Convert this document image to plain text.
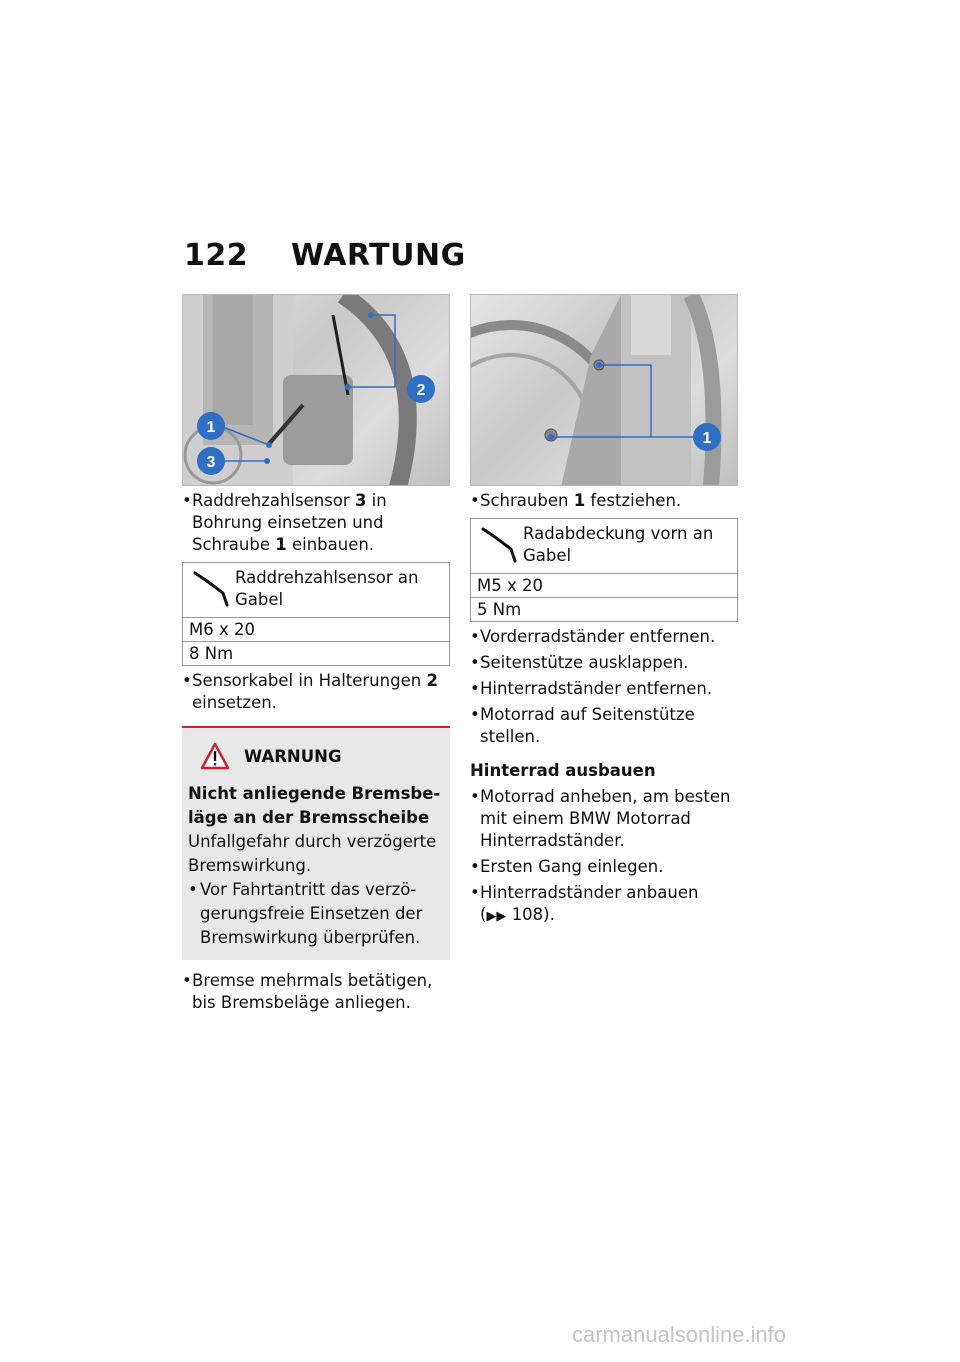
122 WARTUNG
1
2
3
• Raddrehzahlsensor 3 in Bohrung einsetzen und Schraube 1 einbauen.
Raddrehzahlsensor an Gabel
M6 x 20
8 Nm
• Sensorkabel in Halterungen 2 einsetzen.
WARNUNG
Nicht anliegende Bremsbeläge an der Bremsscheibe
Unfallgefahr durch verzögerte Bremswirkung.
• Vor Fahrtantritt das verzögerungsfreie Einsetzen der Bremswirkung überprüfen.
• Bremse mehrmals betätigen, bis Bremsbeläge anliegen.
1
• Schrauben 1 festziehen.
Radabdeckung vorn an Gabel
M5 x 20
5 Nm
• Vorderradständer entfernen.
• Seitenstütze ausklappen.
• Hinterradständer entfernen.
• Motorrad auf Seitenstütze stellen.
Hinterrad ausbauen
• Motorrad anheben, am besten mit einem BMW Motorrad Hinterradständer.
• Ersten Gang einlegen.
• Hinterradständer anbauen
(▶▶ 108).
carmanualsonline.info
